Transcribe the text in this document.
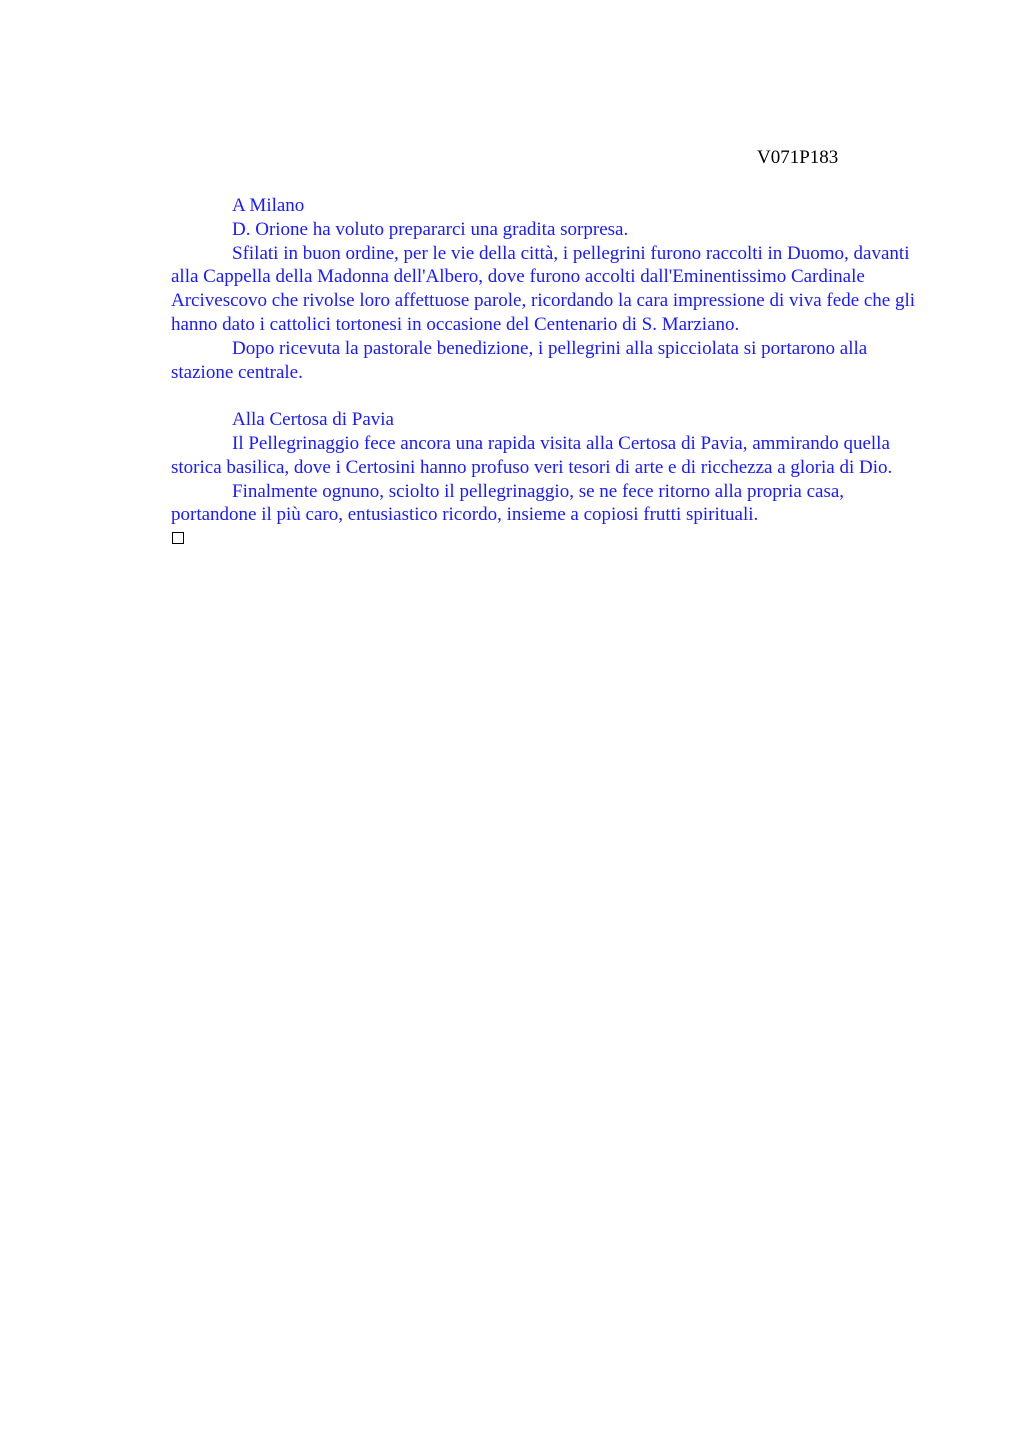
V071P183

A Milano

D. Orione ha voluto prepararci una gradita sorpresa.

Sfilati in buon ordine, per le vie della città, i pellegrini furono raccolti in Duomo, davanti alla Cappella della Madonna dell'Albero, dove furono accolti dall'Eminentissimo Cardinale Arcivescovo che rivolse loro affettuose parole, ricordando la cara impressione di viva fede che gli hanno dato i cattolici tortonesi in occasione del Centenario di S. Marziano.

Dopo ricevuta la pastorale benedizione, i pellegrini alla spicciolata si portarono alla stazione centrale.

Alla Certosa di Pavia

Il Pellegrinaggio fece ancora una rapida visita alla Certosa di Pavia, ammirando quella storica basilica, dove i Certosini hanno profuso veri tesori di arte e di ricchezza a gloria di Dio.

Finalmente ognuno, sciolto il pellegrinaggio, se ne fece ritorno alla propria casa, portandone il più caro, entusiastico ricordo, insieme a copiosi frutti spirituali.
